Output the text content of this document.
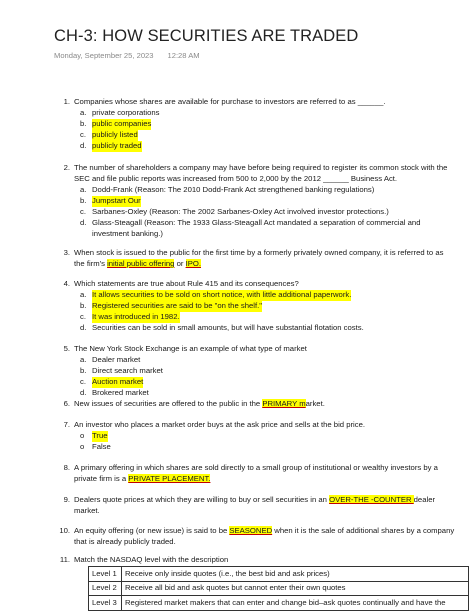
CH-3: HOW SECURITIES ARE TRADED
Monday, September 25, 2023 12:28 AM
1. Companies whose shares are available for purchase to investors are referred to as ______.
a. private corporations
b. public companies
c. publicly listed
d. publicly traded
2. The number of shareholders a company may have before being required to register its common stock with the
SEC and file public reports was increased from 500 to 2,000 by the 2012 ______ Business Act.
a. Dodd-Frank (Reason: The 2010 Dodd-Frank Act strengthened banking regulations)
b. Jumpstart Our
c. Sarbanes-Oxley (Reason: The 2002 Sarbanes-Oxley Act involved investor protections.)
d. Glass-Steagall (Reason: The 1933 Glass-Steagall Act mandated a separation of commercial and
investment banking.)
3. When stock is issued to the public for the first time by a formerly privately owned company, it is referred to as
the firm's initial public offering or IPO.
4. Which statements are true about Rule 415 and its consequences?
a. It allows securities to be sold on short notice, with little additional paperwork.
b. Registered securities are said to be "on the shelf."
c. It was introduced in 1982.
d. Securities can be sold in small amounts, but will have substantial flotation costs.
5. The New York Stock Exchange is an example of what type of market
a. Dealer market
b. Direct search market
c. Auction market
d. Brokered market
6. New issues of securities are offered to the public in the PRIMARY market.
7. An investor who places a market order buys at the ask price and sells at the bid price.
o True
o False
8. A primary offering in which shares are sold directly to a small group of institutional or wealthy investors by a
private firm is a PRIVATE PLACEMENT.
9. Dealers quote prices at which they are willing to buy or sell securities in an OVER-THE -COUNTER dealer
market.
10. An equity offering (or new issue) is said to be SEASONED when it is the sale of additional shares by a company
that is already publicly traded.
11. Match the NASDAQ level with the description
Level 1	Receive only inside quotes (i.e., the best bid and ask prices)
Level 2	Receive all bid and ask quotes but cannot enter their own quotes
Level 3	Registered market makers that can enter and change bid–ask quotes continually and have the
